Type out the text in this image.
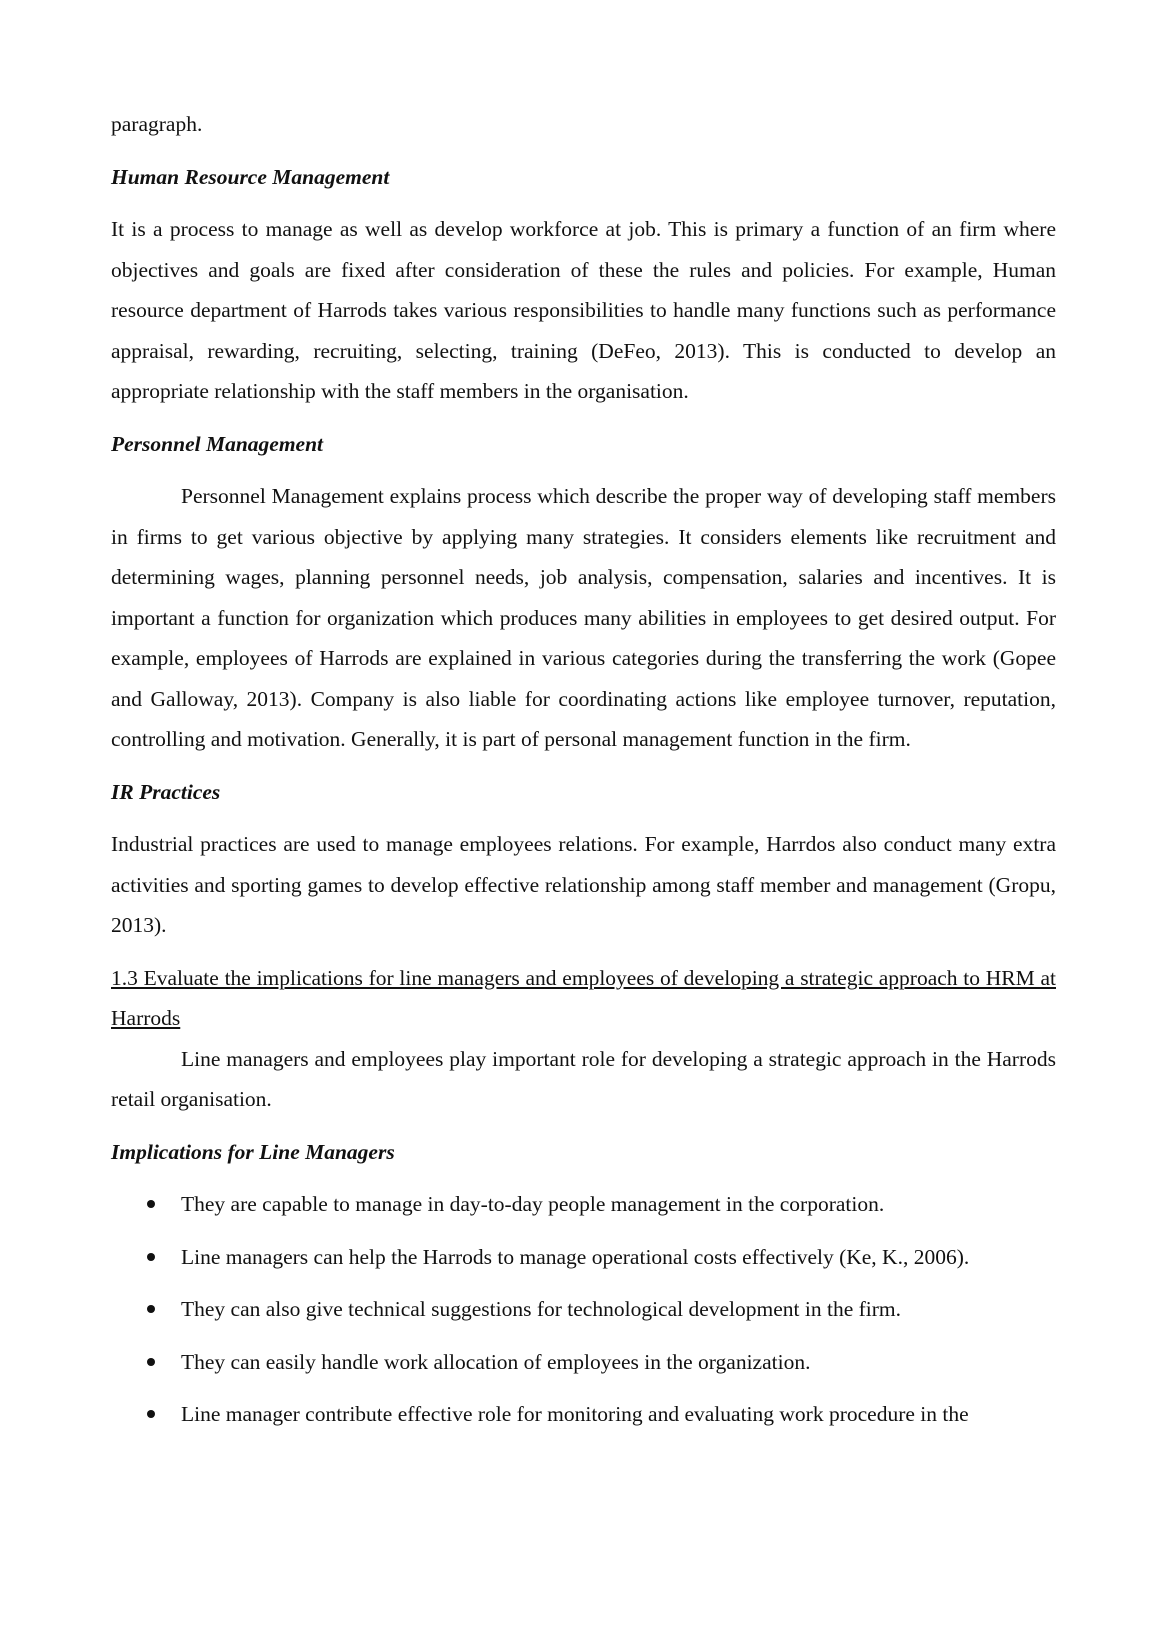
paragraph.

Human Resource Management

It is a process to manage as well as develop workforce at job. This is primary a function of an firm where objectives and goals are fixed after consideration of these the rules and policies. For example, Human resource department of Harrods takes various responsibilities to handle many functions such as performance appraisal, rewarding, recruiting, selecting, training (DeFeo, 2013). This is conducted to develop an appropriate relationship with the staff members in the organisation.

Personnel Management

Personnel Management explains process which describe the proper way of developing staff members in firms to get various objective by applying many strategies. It considers elements like recruitment and determining wages, planning personnel needs, job analysis, compensation, salaries and incentives. It is important a function for organization which produces many abilities in employees to get desired output. For example, employees of Harrods are explained in various categories during the transferring the work (Gopee and Galloway, 2013). Company is also liable for coordinating actions like employee turnover, reputation, controlling and motivation. Generally, it is part of personal management function in the firm.

IR Practices

Industrial practices are used to manage employees relations. For example, Harrdos also conduct many extra activities and sporting games to develop effective relationship among staff member and management (Gropu, 2013).

1.3 Evaluate the implications for line managers and employees of developing a strategic approach to HRM at Harrods

Line managers and employees play important role for developing a strategic approach in the Harrods retail organisation.

Implications for Line Managers

They are capable to manage in day-to-day people management in the corporation.
Line managers can help the Harrods to manage operational costs effectively (Ke, K., 2006).
They can also give technical suggestions for technological development in the firm.
They can easily handle work allocation of employees in the organization.
Line manager contribute effective role for monitoring and evaluating work procedure in the
